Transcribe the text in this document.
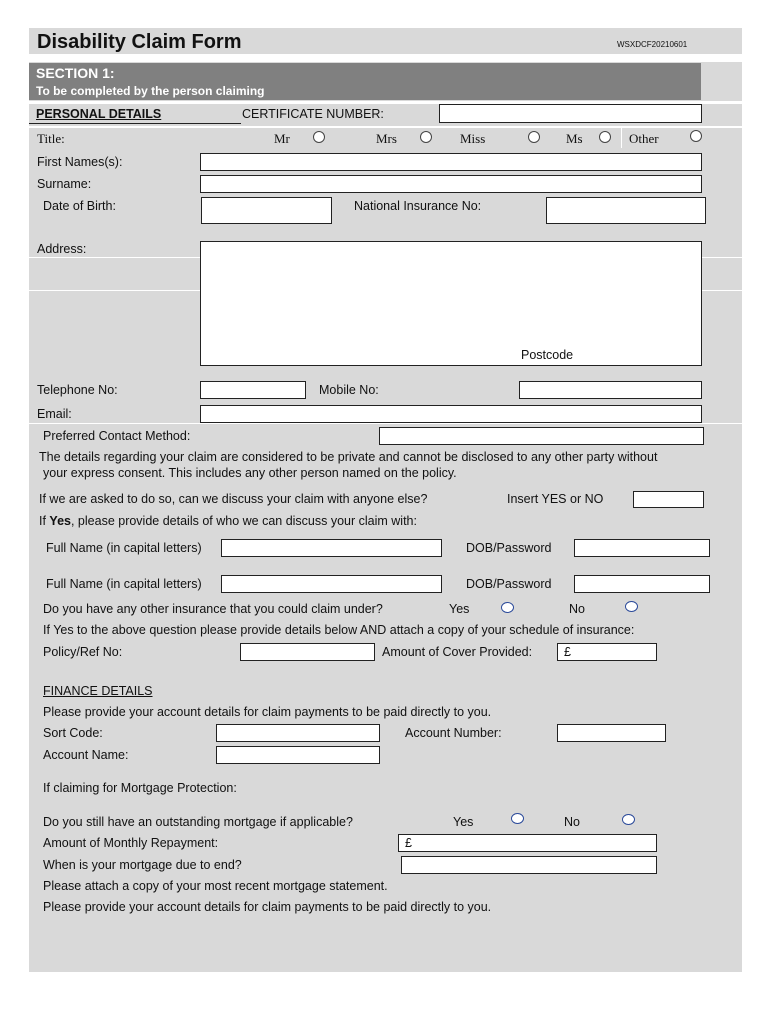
Disability Claim Form	WSXDCF20210601
SECTION 1:
To be completed by the person claiming
PERSONAL DETAILS	CERTIFICATE NUMBER:
Title:	Mr	Mrs	Miss	Ms	Other
First Names(s):
Surname:
Date of Birth:	National Insurance No:
Address:
Postcode
Telephone No:	Mobile No:
Email:
Preferred Contact Method:
The details regarding your claim are considered to be private and cannot be disclosed to any other party without
your express consent. This includes any other person named on the policy.
If we are asked to do so, can we discuss your claim with anyone else?	Insert YES or NO
If Yes, please provide details of who we can discuss your claim with:
Full Name (in capital letters)	DOB/Password
Full Name (in capital letters)	DOB/Password
Do you have any other insurance that you could claim under?	Yes	No
If Yes to the above question please provide details below AND attach a copy of your schedule of insurance:
Policy/Ref No:	Amount of Cover Provided:	£
FINANCE DETAILS
Please provide your account details for claim payments to be paid directly to you.
Sort Code:	Account Number:
Account Name:
If claiming for Mortgage Protection:
Do you still have an outstanding mortgage if applicable?	Yes	No
Amount of Monthly Repayment:	£
When is your mortgage due to end?
Please attach a copy of your most recent mortgage statement.
Please provide your account details for claim payments to be paid directly to you.
